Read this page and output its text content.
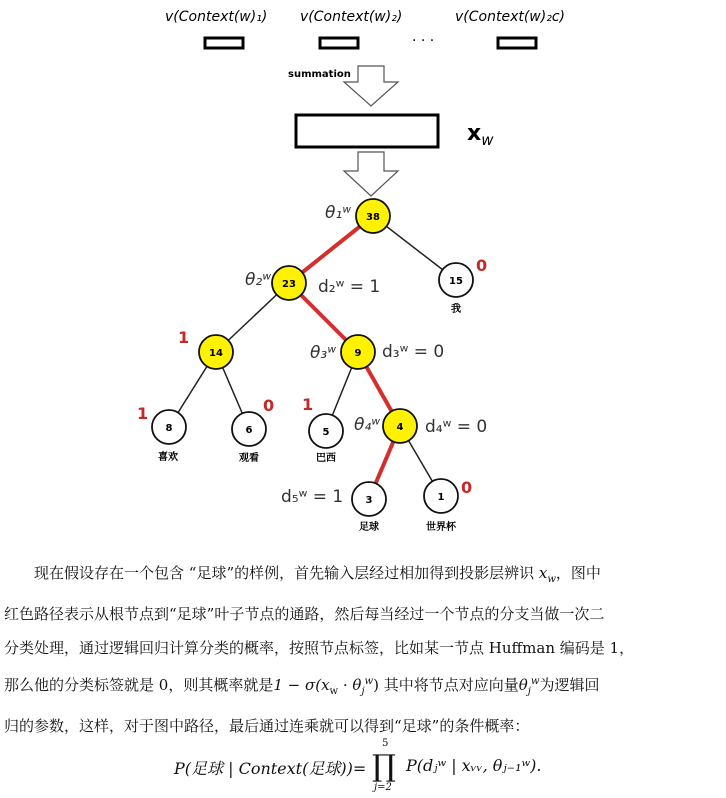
v(Context(w)₁) v(Context(w)₂)	v(Context(w)₂c)
· · ·
summation
$x_w$
38
23	15
14	9
8	6	5	4
3	1
我
喜欢	观看	巴西
足球	世界杯
0
1
1	0 1
0
θ₁ʷ
θ₂ʷ
θ₃ʷ
θ₄ʷ
d₂ʷ = 1
d₃ʷ = 0
d₄ʷ = 0
d₅ʷ = 1
现在假设存在一个包含 “足球”的样例，首先输入层经过相加得到投影层辨识 $x_w$，图中
红色路径表示从根节点到“足球”叶子节点的通路，然后每当经过一个节点的分支当做一次二
分类处理，通过逻辑回归计算分类的概率，按照节点标签，比如某一节点 Huffman 编码是 1，
那么他的分类标签就是 0，则其概率就是$1 - \sigma(x_w \cdot \theta_j^w)$ 其中将节点对应向量$\theta_j^w$为逻辑回
归的参数，这样，对于图中路径，最后通过连乘就可以得到“足球”的条件概率：
P(足球 | Context(足球))=
5
∏
j=2
P(dⱼʷ | xᵥᵥ, θⱼ₋₁ʷ).
